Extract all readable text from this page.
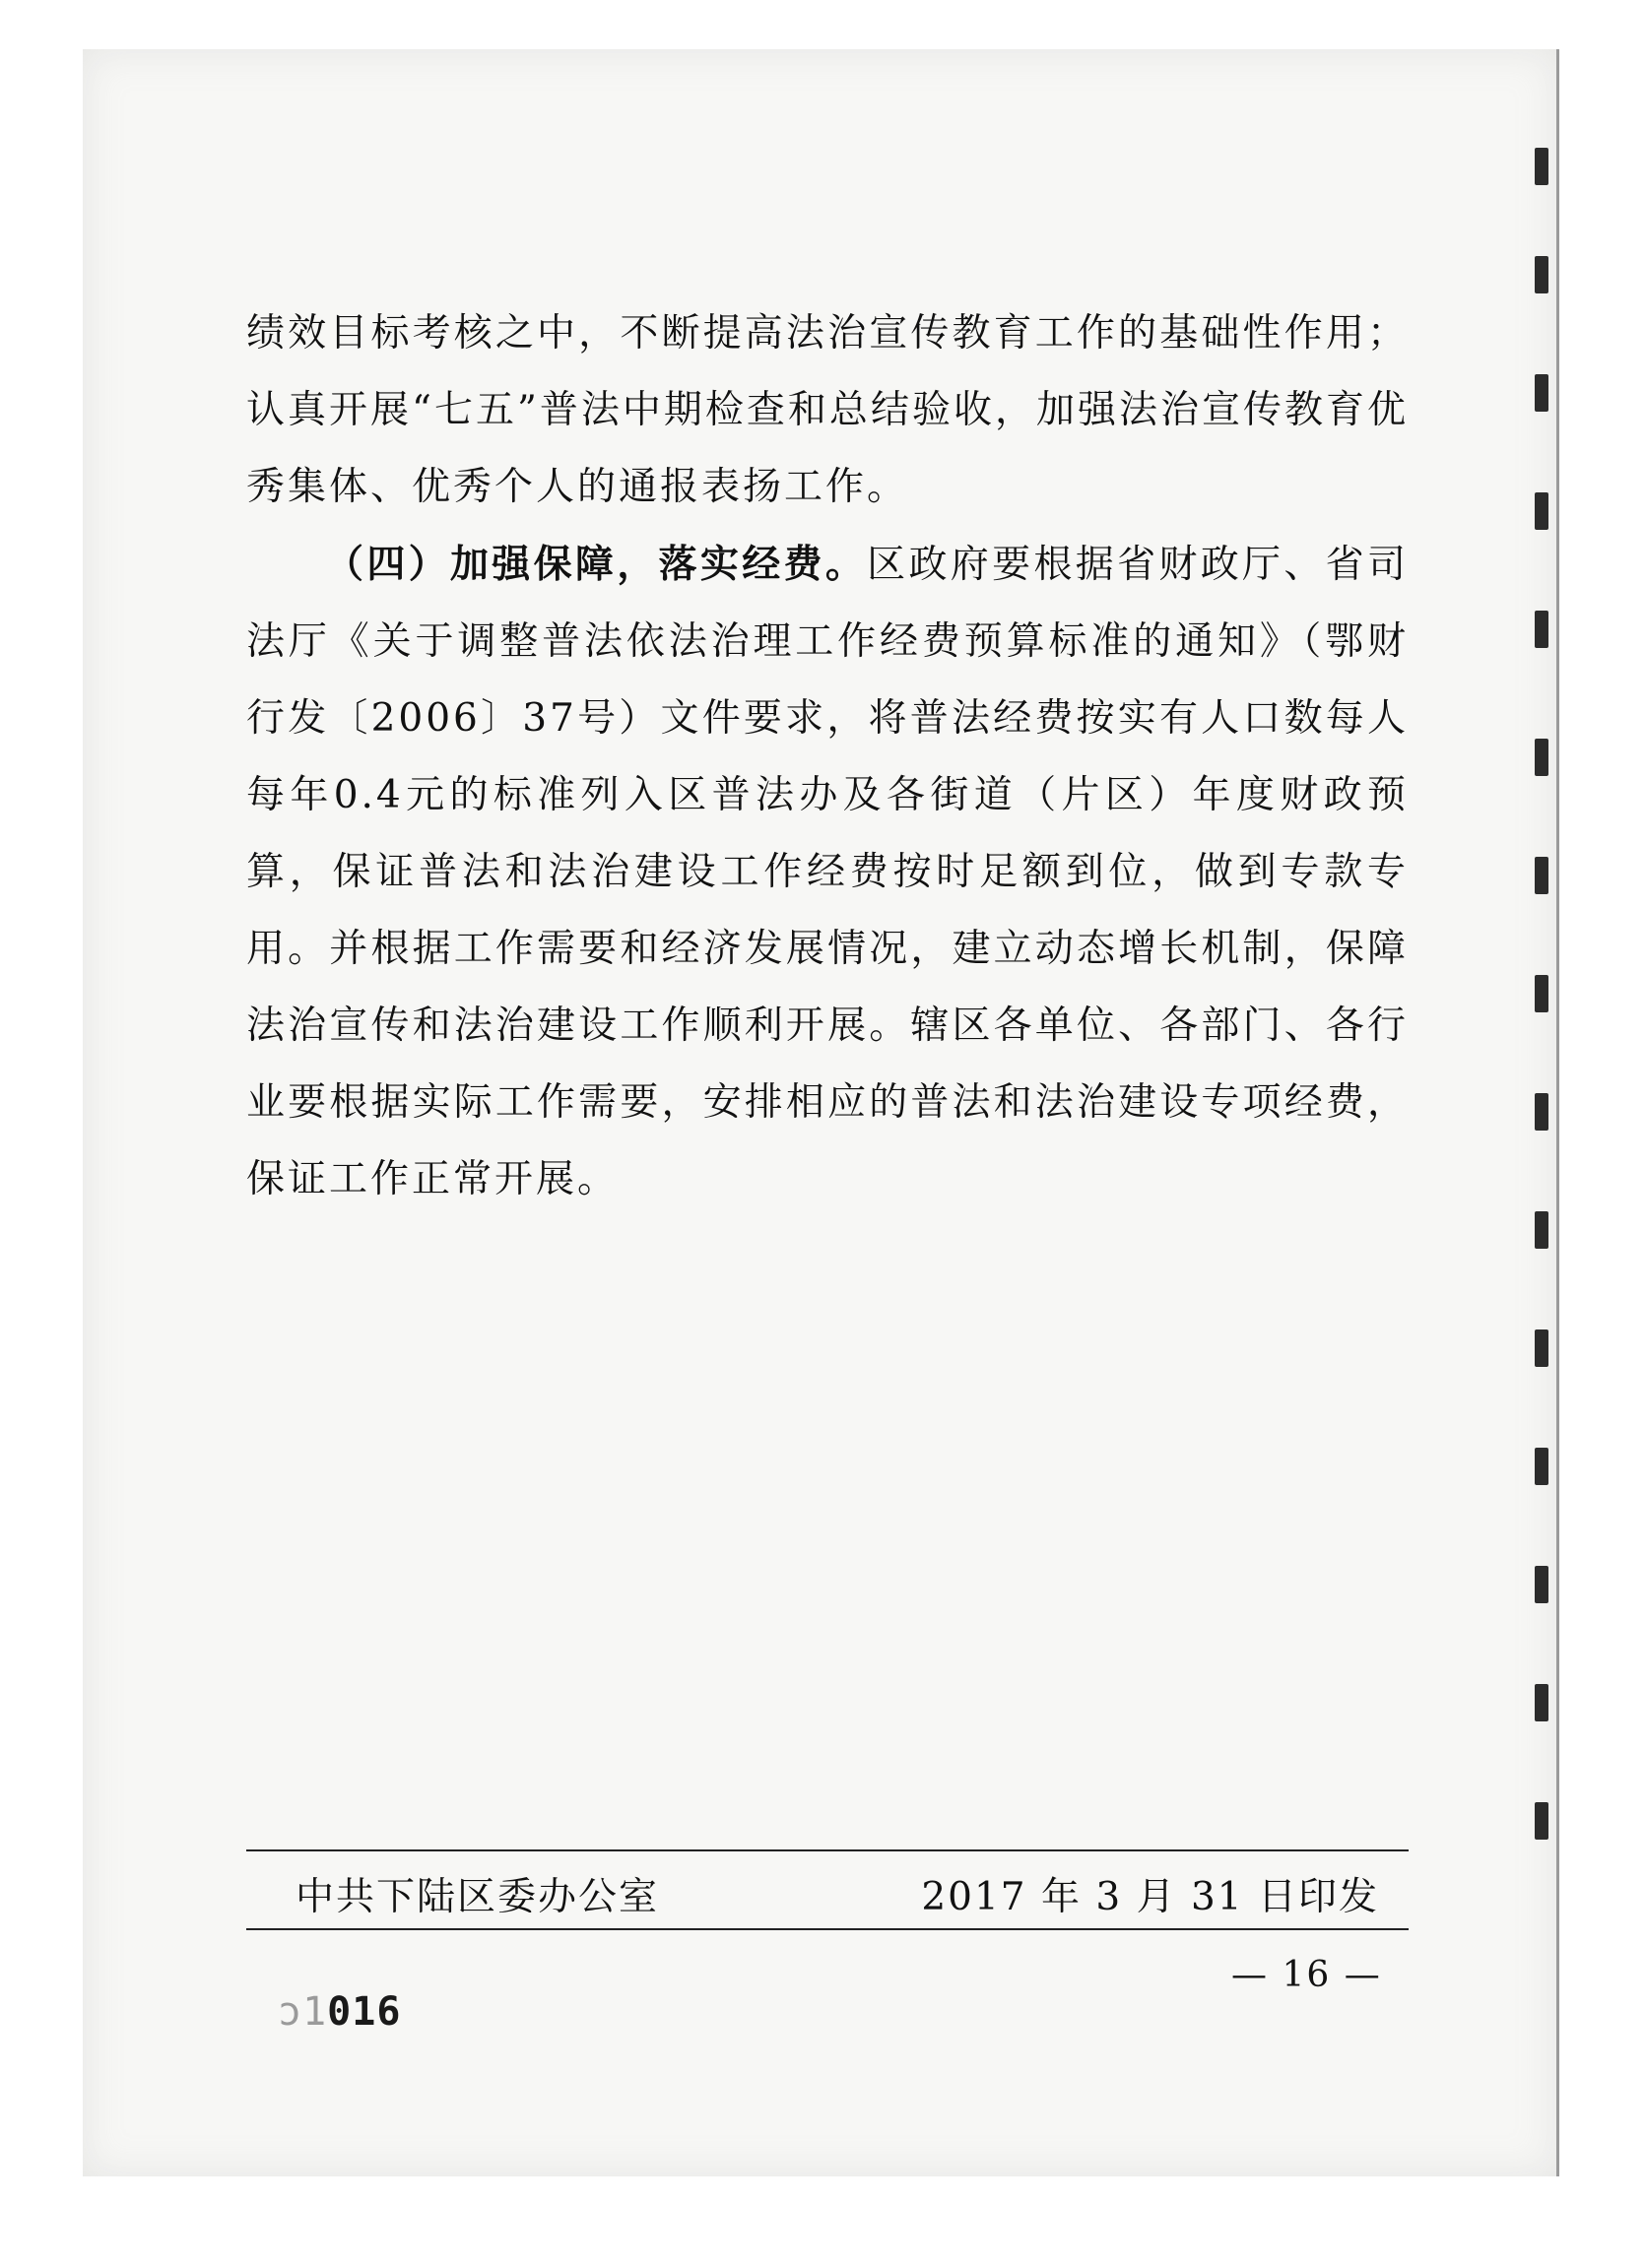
绩效目标考核之中，不断提高法治宣传教育工作的基础性作用；认真开展“七五”普法中期检查和总结验收，加强法治宣传教育优秀集体、优秀个人的通报表扬工作。

（四）加强保障，落实经费。区政府要根据省财政厅、省司法厅《关于调整普法依法治理工作经费预算标准的通知》（鄂财行发〔2006〕37号）文件要求，将普法经费按实有人口数每人每年0.4元的标准列入区普法办及各街道（片区）年度财政预算，保证普法和法治建设工作经费按时足额到位，做到专款专用。并根据工作需要和经济发展情况，建立动态增长机制，保障法治宣传和法治建设工作顺利开展。辖区各单位、各部门、各行业要根据实际工作需要，安排相应的普法和法治建设专项经费，保证工作正常开展。

中共下陆区委办公室	2017 年 3 月 31 日印发
— 16 —
ͻ1016
